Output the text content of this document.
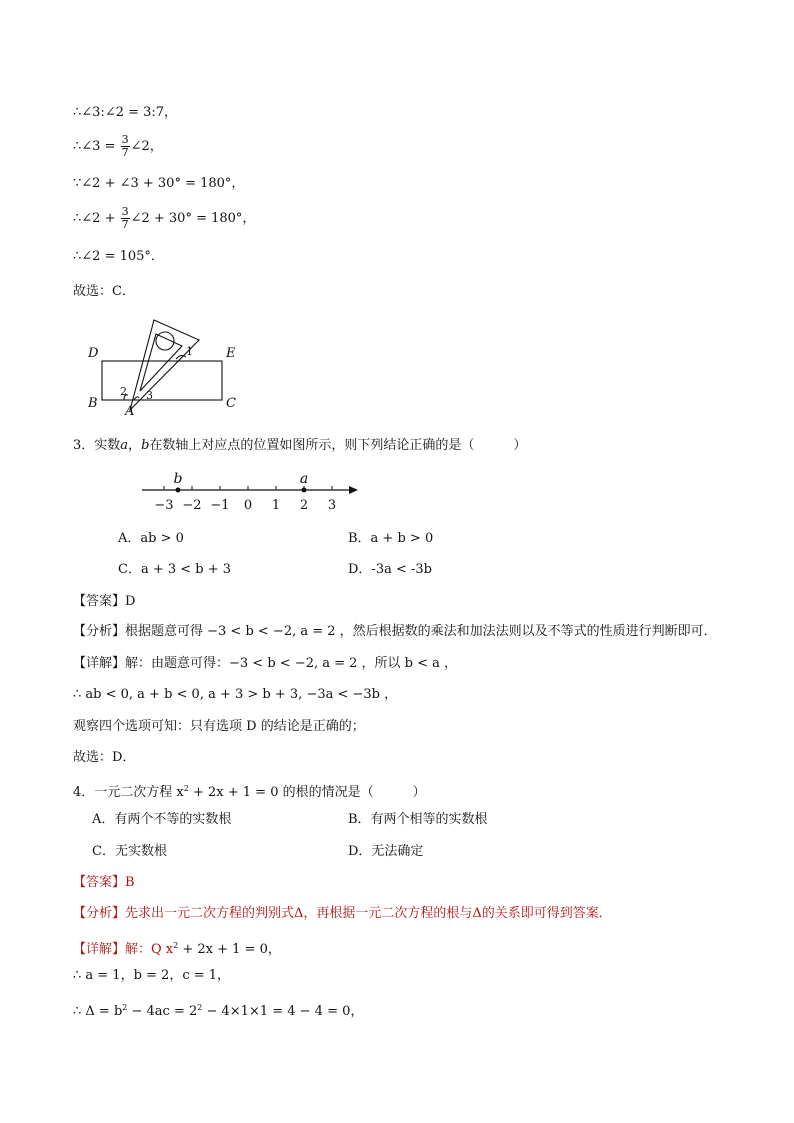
∴∠3:∠2 = 3:7，
∴∠3 = $\frac{3}{7}$ ∠2，
∵∠2 + ∠3 + 30° = 180°，
∴∠2 + $\frac{3}{7}$ ∠2 + 30° = 180°，
∴∠2 = 105°．
故选：C．
D	E
B	C
A
1
2 3
3．实数a，b在数轴上对应点的位置如图所示，则下列结论正确的是（　　　）
−3 −2 −1 0 1 2 3
b	a
A．ab > 0	B．a + b > 0
C．a + 3 < b + 3	D．-3a < -3b
【答案】D
【分析】根据题意可得 −3 < b < −2, a = 2 ，然后根据数的乘法和加法法则以及不等式的性质进行判断即可．
【详解】解：由题意可得：−3 < b < −2, a = 2 ，所以 b < a ，
∴ ab < 0, a + b < 0, a + 3 > b + 3, −3a < −3b ，
观察四个选项可知：只有选项 D 的结论是正确的；
故选：D．
4．一元二次方程 $x^2 + 2x + 1 = 0$ 的根的情况是（　　　）
A．有两个不等的实数根	B．有两个相等的实数根
C．无实数根	D．无法确定
【答案】B
【分析】先求出一元二次方程的判别式Δ，再根据一元二次方程的根与Δ的关系即可得到答案．
【详解】解：Q $x^2 + 2x + 1 = 0$，
∴ a = 1，b = 2，c = 1，
∴ $\Delta = b^2 - 4ac = 2^2 - 4\times 1\times 1 = 4 - 4 = 0$，
